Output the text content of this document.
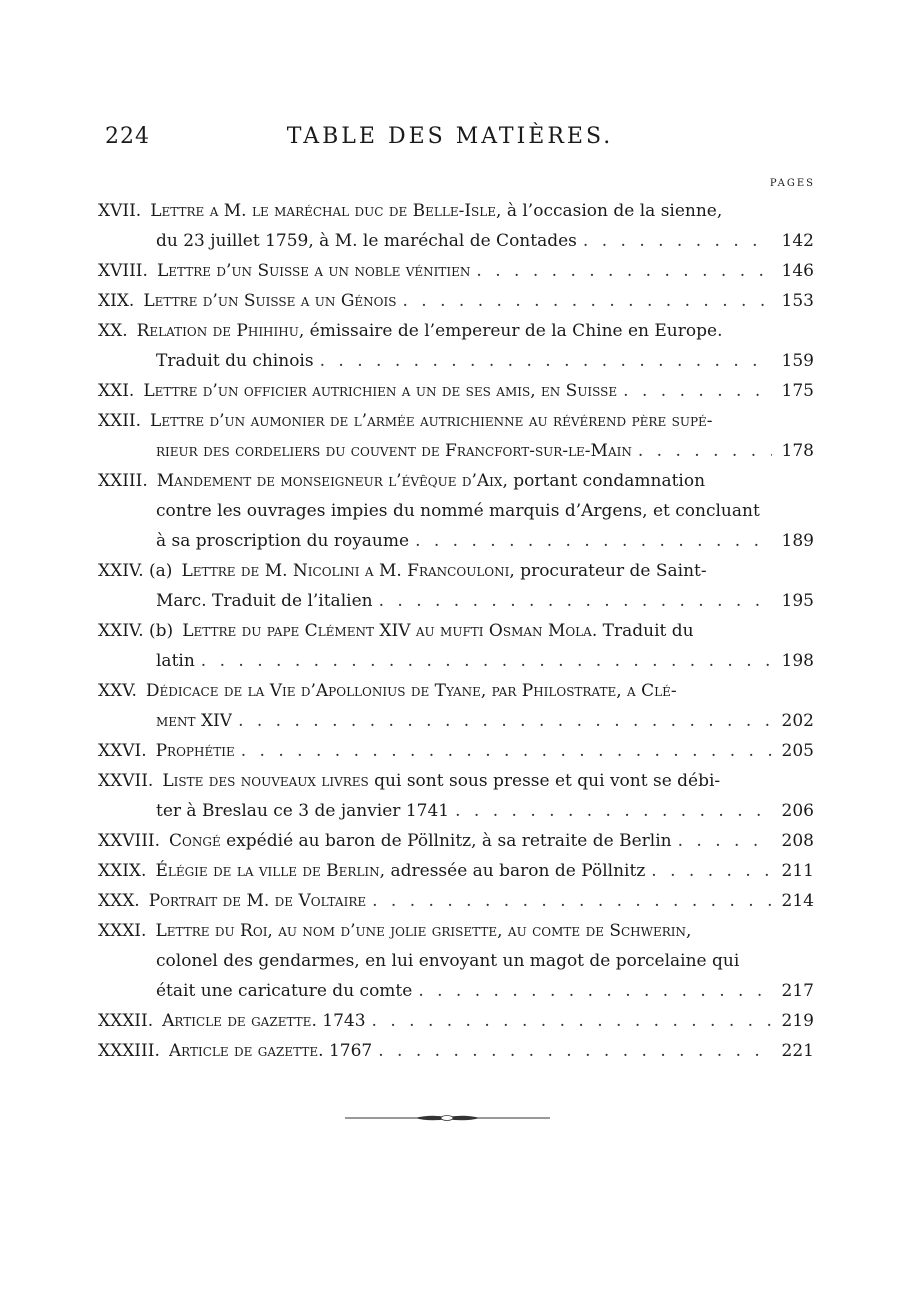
224	TABLE DES MATIÈRES.
PAGES
XVII. Lettre a M. le maréchal duc de Belle-Isle, à l’occasion de la sienne,
du 23 juillet 1759, à M. le maréchal de Contades . . .	142
XVIII. Lettre d’un Suisse a un noble vénitien . . .	146
XIX. Lettre d’un Suisse a un Génois . . .	153
XX. Relation de Phihihu, émissaire de l’empereur de la Chine en Europe.
Traduit du chinois . . .	159
XXI. Lettre d’un officier autrichien a un de ses amis, en Suisse . . .	175
XXII. Lettre d’un aumonier de l’armée autrichienne au révérend père supé-
rieur des cordeliers du couvent de Francfort-sur-le-Main . . .	178
XXIII. Mandement de monseigneur l’évêque d’Aix, portant condamnation
contre les ouvrages impies du nommé marquis d’Argens, et concluant
à sa proscription du royaume . . .	189
XXIV. (a) Lettre de M. Nicolini a M. Francouloni, procurateur de Saint-
Marc. Traduit de l’italien . . .	195
XXIV. (b) Lettre du pape Clément XIV au mufti Osman Mola. Traduit du
latin . . .	198
XXV. Dédicace de la Vie d’Apollonius de Tyane, par Philostrate, a Clé-
ment XIV . . .	202
XXVI. Prophétie . . .	205
XXVII. Liste des nouveaux livres qui sont sous presse et qui vont se débi-
ter à Breslau ce 3 de janvier 1741 . . .	206
XXVIII. Congé expédié au baron de Pöllnitz, à sa retraite de Berlin . . .	208
XXIX. Élégie de la ville de Berlin, adressée au baron de Pöllnitz . . .	211
XXX. Portrait de M. de Voltaire . . .	214
XXXI. Lettre du Roi, au nom d’une jolie grisette, au comte de Schwerin,
colonel des gendarmes, en lui envoyant un magot de porcelaine qui
était une caricature du comte . . .	217
XXXII. Article de gazette. 1743 . . .	219
XXXIII. Article de gazette. 1767 . . .	221
